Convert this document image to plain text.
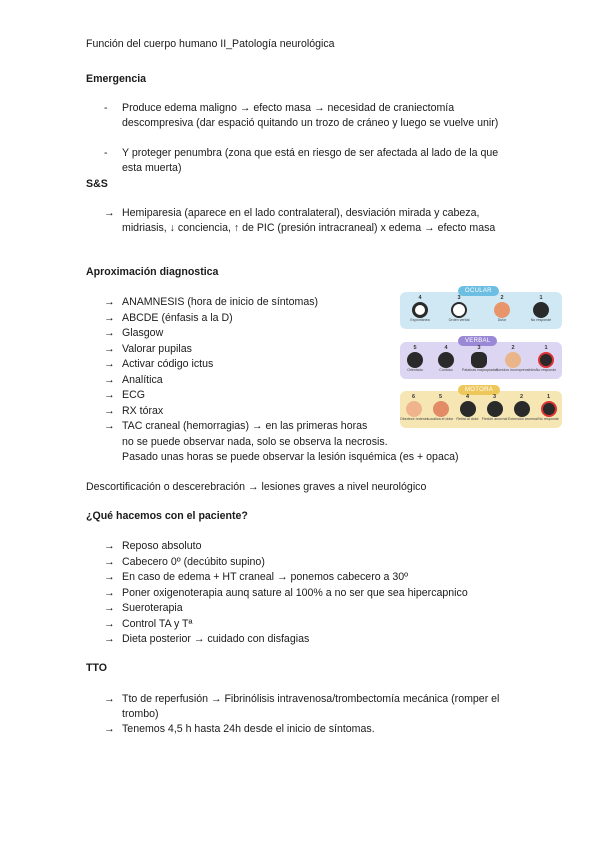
Función del cuerpo humano II_Patología neurológica
Emergencia
-	Produce edema maligno → efecto masa → necesidad de craniectomía descompresiva (dar espació quitando un trozo de cráneo y luego se vuelve unir)
-	Y proteger penumbra (zona que está en riesgo de ser afectada al lado de la que esta muerta)
S&S
→ Hemiparesia (aparece en el lado contralateral), desviación mirada y cabeza, midriasis, ↓ conciencia, ↑ de PIC (presión intracraneal) x edema → efecto masa
Aproximación diagnostica
→ ANAMNESIS (hora de inicio de síntomas)
→ ABCDE (énfasis a la D)
→ Glasgow
→ Valorar pupilas
→ Activar código ictus
→ Analítica
→ ECG
→ RX tórax
→ TAC craneal (hemorragias) → en las primeras horas
no se puede observar nada, solo se observa la necrosis.
Pasado unas horas se puede observar la lesión isquémica (es + opaca)
OCULAR
4
Espontánea
3
Orden verbal
2
Dolor
1
No responde
VERBAL
5
Orientado
4
Confuso
3
Palabras inapropiadas
2
Sonidos incomprensibles
1
No responde
MOTORA
6
Obedece órdenes
5
Localiza el dolor
4
Retira al dolor
3
Flexión anormal
2
Extensión anormal
1
No responde
Descortificación o descerebración → lesiones graves a nivel neurológico
¿Qué hacemos con el paciente?
→ Reposo absoluto
→ Cabecero 0º (decúbito supino)
→ En caso de edema + HT craneal → ponemos cabecero a 30º
→ Poner oxigenoterapia aunq sature al 100% a no ser que sea hipercapnico
→ Sueroterapia
→ Control TA y Tª
→ Dieta posterior → cuidado con disfagias
TTO
→ Tto de reperfusión → Fibrinólisis intravenosa/trombectomía mecánica (romper el trombo)
→ Tenemos 4,5 h hasta 24h desde el inicio de síntomas.
